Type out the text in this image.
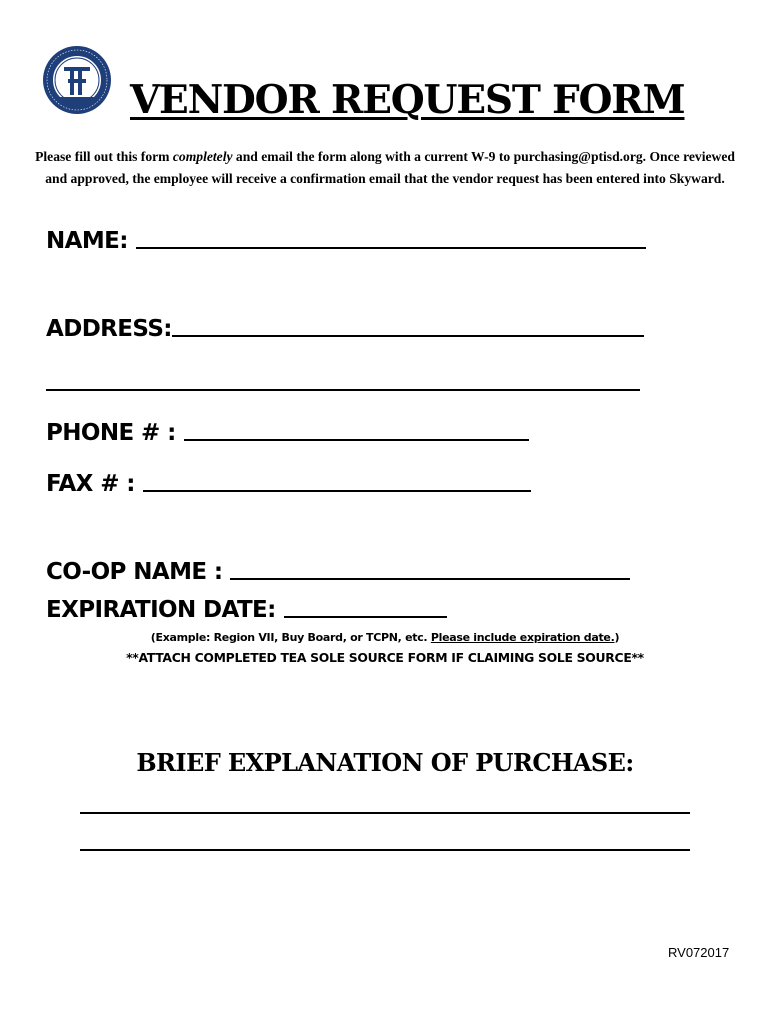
VENDOR REQUEST FORM

Please fill out this form completely and email the form along with a current W-9 to purchasing@ptisd.org. Once reviewed and approved, the employee will receive a confirmation email that the vendor request has been entered into Skyward.

NAME:
ADDRESS:
PHONE # :
FAX # :
CO-OP NAME :
EXPIRATION DATE:

(Example: Region VII, Buy Board, or TCPN, etc. Please include expiration date.)

**ATTACH COMPLETED TEA SOLE SOURCE FORM IF CLAIMING SOLE SOURCE**

BRIEF EXPLANATION OF PURCHASE:

RV072017
